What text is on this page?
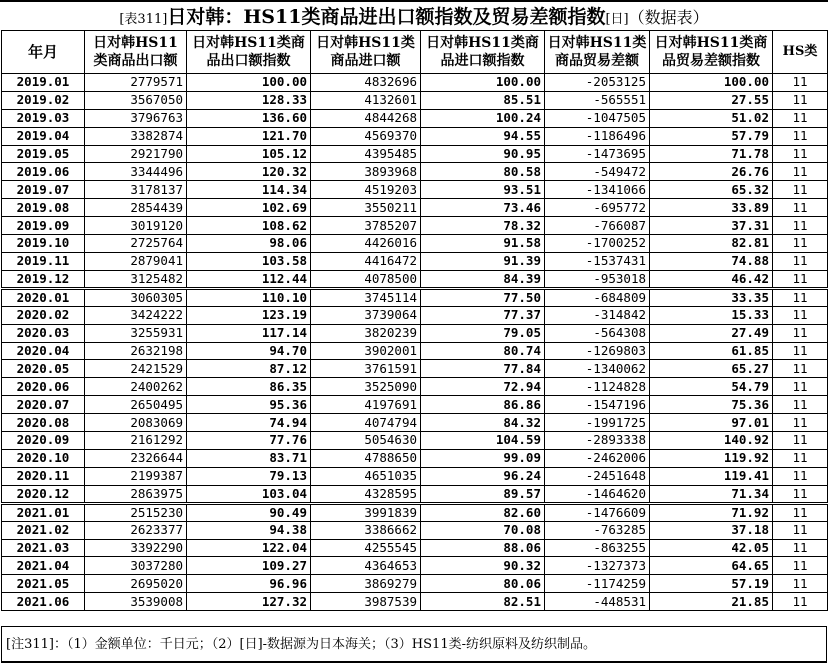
[表311]日对韩：HS11类商品进出口额指数及贸易差额指数[日]（数据表）
年月	日对韩HS11类商品出口额	日对韩HS11类商品出口额指数	日对韩HS11类商品进口额	日对韩HS11类商品进口额指数	日对韩HS11类商品贸易差额	日对韩HS11类商品贸易差额指数	HS类
2019.01	2779571	100.00	4832696	100.00	-2053125	100.00	11
2019.02	3567050	128.33	4132601	85.51	-565551	27.55	11
2019.03	3796763	136.60	4844268	100.24	-1047505	51.02	11
2019.04	3382874	121.70	4569370	94.55	-1186496	57.79	11
2019.05	2921790	105.12	4395485	90.95	-1473695	71.78	11
2019.06	3344496	120.32	3893968	80.58	-549472	26.76	11
2019.07	3178137	114.34	4519203	93.51	-1341066	65.32	11
2019.08	2854439	102.69	3550211	73.46	-695772	33.89	11
2019.09	3019120	108.62	3785207	78.32	-766087	37.31	11
2019.10	2725764	98.06	4426016	91.58	-1700252	82.81	11
2019.11	2879041	103.58	4416472	91.39	-1537431	74.88	11
2019.12	3125482	112.44	4078500	84.39	-953018	46.42	11
2020.01	3060305	110.10	3745114	77.50	-684809	33.35	11
2020.02	3424222	123.19	3739064	77.37	-314842	15.33	11
2020.03	3255931	117.14	3820239	79.05	-564308	27.49	11
2020.04	2632198	94.70	3902001	80.74	-1269803	61.85	11
2020.05	2421529	87.12	3761591	77.84	-1340062	65.27	11
2020.06	2400262	86.35	3525090	72.94	-1124828	54.79	11
2020.07	2650495	95.36	4197691	86.86	-1547196	75.36	11
2020.08	2083069	74.94	4074794	84.32	-1991725	97.01	11
2020.09	2161292	77.76	5054630	104.59	-2893338	140.92	11
2020.10	2326644	83.71	4788650	99.09	-2462006	119.92	11
2020.11	2199387	79.13	4651035	96.24	-2451648	119.41	11
2020.12	2863975	103.04	4328595	89.57	-1464620	71.34	11
2021.01	2515230	90.49	3991839	82.60	-1476609	71.92	11
2021.02	2623377	94.38	3386662	70.08	-763285	37.18	11
2021.03	3392290	122.04	4255545	88.06	-863255	42.05	11
2021.04	3037280	109.27	4364653	90.32	-1327373	64.65	11
2021.05	2695020	96.96	3869279	80.06	-1174259	57.19	11
2021.06	3539008	127.32	3987539	82.51	-448531	21.85	11
[注311]：（1）金额单位：千日元；（2）[日]-数据源为日本海关；（3）HS11类-纺织原料及纺织制品。
